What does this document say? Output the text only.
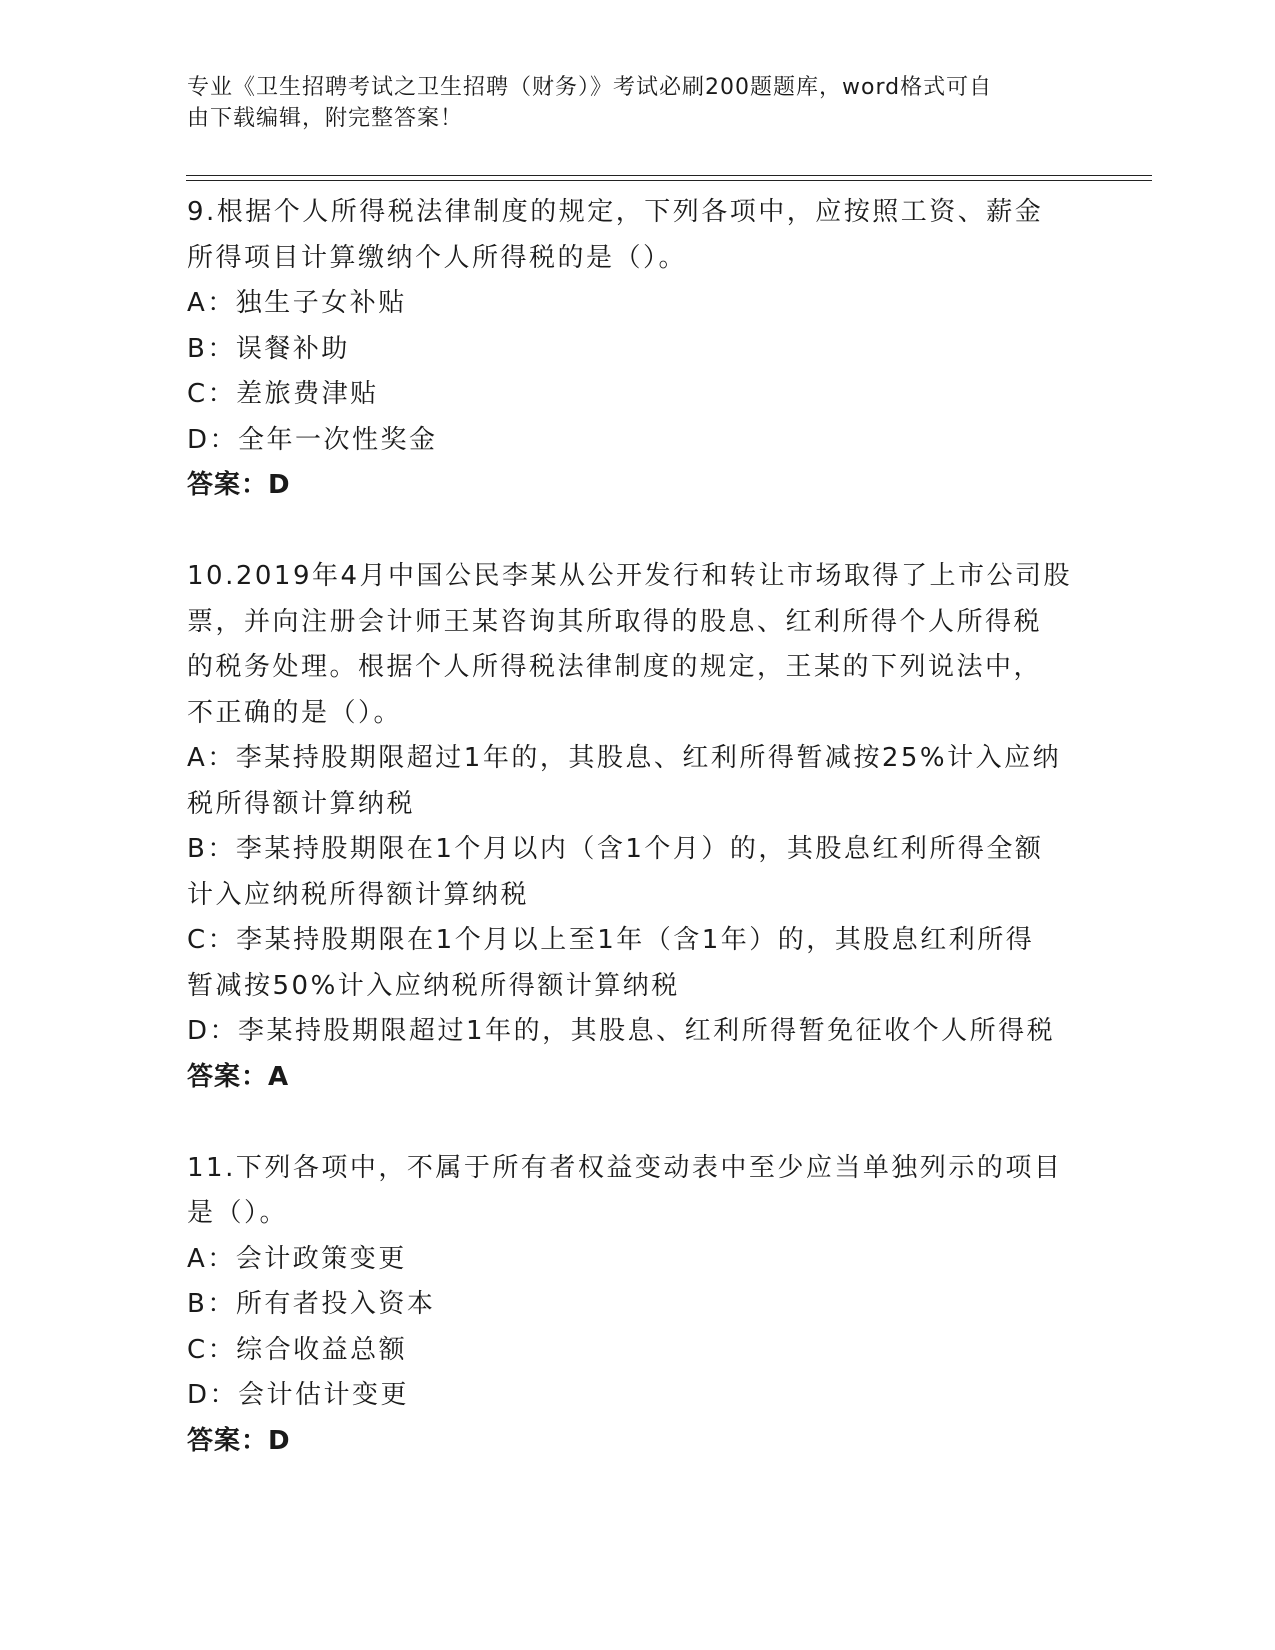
专业《卫生招聘考试之卫生招聘（财务）》考试必刷200题题库，word格式可自
由下载编辑，附完整答案！
9.根据个人所得税法律制度的规定，下列各项中，应按照工资、薪金
所得项目计算缴纳个人所得税的是（）。
A：独生子女补贴
B：误餐补助
C：差旅费津贴
D：全年一次性奖金
答案：D
10.2019年4月中国公民李某从公开发行和转让市场取得了上市公司股
票，并向注册会计师王某咨询其所取得的股息、红利所得个人所得税
的税务处理。根据个人所得税法律制度的规定，王某的下列说法中，
不正确的是（）。
A：李某持股期限超过1年的，其股息、红利所得暂减按25%计入应纳
税所得额计算纳税
B：李某持股期限在1个月以内（含1个月）的，其股息红利所得全额
计入应纳税所得额计算纳税
C：李某持股期限在1个月以上至1年（含1年）的，其股息红利所得
暂减按50%计入应纳税所得额计算纳税
D：李某持股期限超过1年的，其股息、红利所得暂免征收个人所得税
答案：A
11.下列各项中，不属于所有者权益变动表中至少应当单独列示的项目
是（）。
A：会计政策变更
B：所有者投入资本
C：综合收益总额
D：会计估计变更
答案：D
